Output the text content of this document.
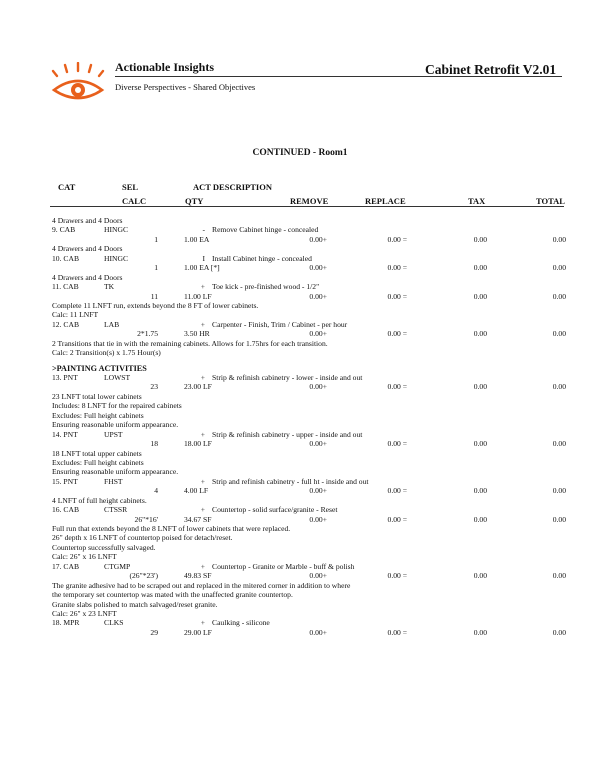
Actionable Insights
Diverse Perspectives - Shared Objectives
Cabinet Retrofit V2.01
CONTINUED - Room1
CAT	SEL	ACT DESCRIPTION
CALC	QTY	REMOVE	REPLACE	TAX	TOTAL
4 Drawers and 4 Doors
9. CAB	HINGC	- Remove Cabinet hinge - concealed
1	1.00 EA	0.00+	0.00 =	0.00	0.00
4 Drawers and 4 Doors
10. CAB	HINGC	I Install Cabinet hinge - concealed
1	1.00 EA [*]	0.00+	0.00 =	0.00	0.00
4 Drawers and 4 Doors
11. CAB	TK	+ Toe kick - pre-finished wood - 1/2"
11	11.00 LF	0.00+	0.00 =	0.00	0.00
Complete 11 LNFT run, extends beyond the 8 FT of lower cabinets.
Calc: 11 LNFT
12. CAB	LAB	+ Carpenter - Finish, Trim / Cabinet - per hour
2*1.75	3.50 HR	0.00+	0.00 =	0.00	0.00
2 Transitions that tie in with the remaining cabinets. Allows for 1.75hrs for each transition.
Calc: 2 Transition(s) x 1.75 Hour(s)
>PAINTING ACTIVITIES
13. PNT	LOWST	+ Strip & refinish cabinetry - lower - inside and out
23	23.00 LF	0.00+	0.00 =	0.00	0.00
23 LNFT total lower cabinets
Includes: 8 LNFT for the repaired cabinets
Excludes: Full height cabinets
Ensuring reasonable uniform appearance.
14. PNT	UPST	+ Strip & refinish cabinetry - upper - inside and out
18	18.00 LF	0.00+	0.00 =	0.00	0.00
18 LNFT total upper cabinets
Excludes: Full height cabinets
Ensuring reasonable uniform appearance.
15. PNT	FHST	+ Strip and refinish cabinetry - full ht - inside and out
4	4.00 LF	0.00+	0.00 =	0.00	0.00
4 LNFT of full height cabinets.
16. CAB	CTSSR	+ Countertop - solid surface/granite - Reset
26"*16'	34.67 SF	0.00+	0.00 =	0.00	0.00
Full run that extends beyond the 8 LNFT of lower cabinets that were replaced.
26" depth x 16 LNFT of countertop poised for detach/reset.
Countertop successfully salvaged.
Calc: 26" x 16 LNFT
17. CAB	CTGMP	+ Countertop - Granite or Marble - buff & polish
(26"*23')	49.83 SF	0.00+	0.00 =	0.00	0.00
The granite adhesive had to be scraped out and replaced in the mitered corner in addition to where
the temporary set countertop was mated with the unaffected granite countertop.
Granite slabs polished to match salvaged/reset granite.
Calc: 26" x 23 LNFT
18. MPR	CLKS	+ Caulking - silicone
29	29.00 LF	0.00+	0.00 =	0.00	0.00
